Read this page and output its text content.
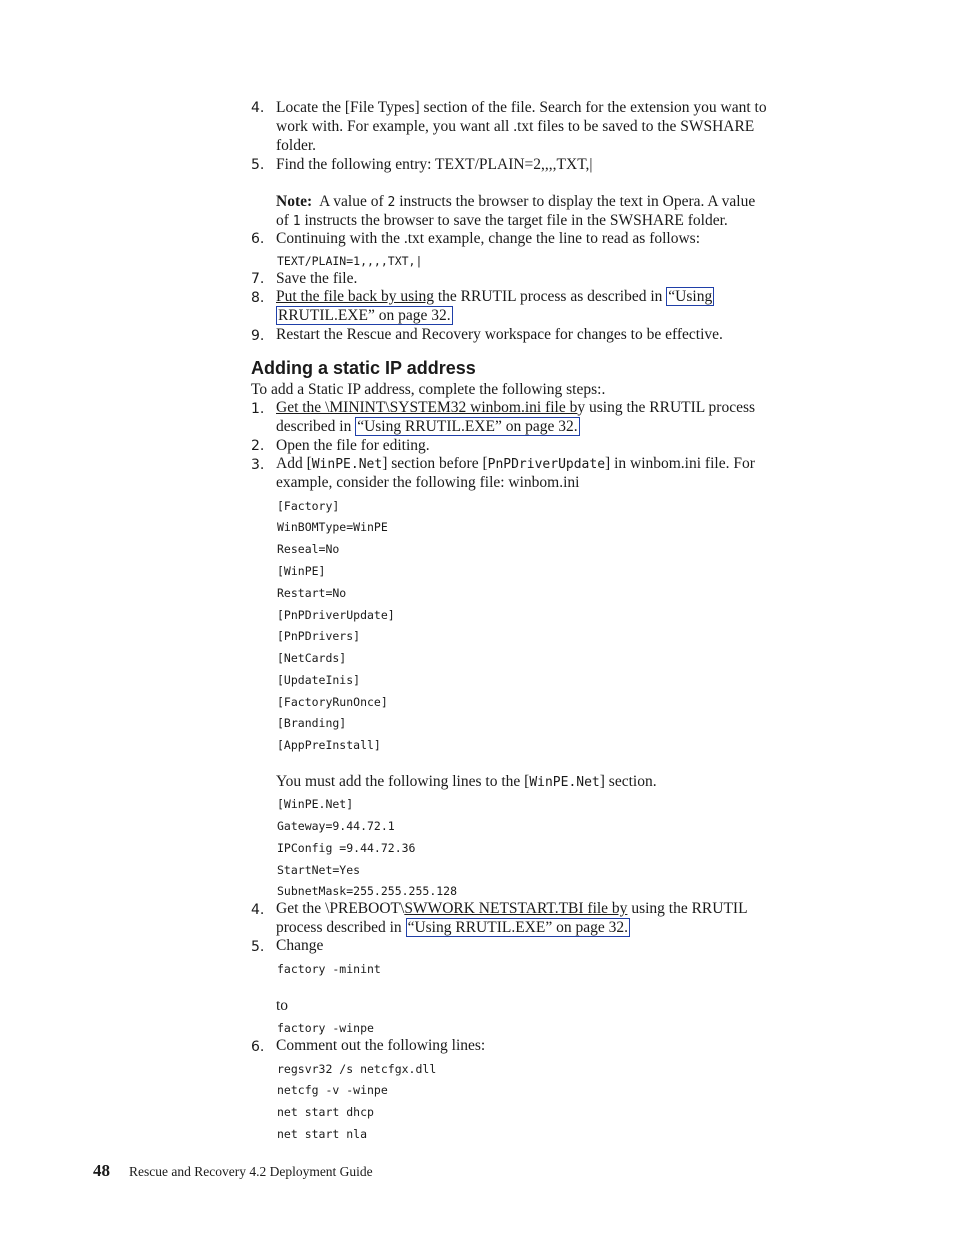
4. Locate the [File Types] section of the file. Search for the extension you want to
work with. For example, you want all .txt files to be saved to the SWSHARE
folder.
5. Find the following entry: TEXT/PLAIN=2,,,,TXT,|
Note: A value of 2 instructs the browser to display the text in Opera. A value
of 1 instructs the browser to save the target file in the SWSHARE folder.
6. Continuing with the .txt example, change the line to read as follows:
TEXT/PLAIN=1,,,,TXT,|
7. Save the file.
8. Put the file back by using the RRUTIL process as described in “Using
RRUTIL.EXE” on page 32.
9. Restart the Rescue and Recovery workspace for changes to be effective.
Adding a static IP address
To add a Static IP address, complete the following steps:.
1. Get the \MININT\SYSTEM32 winbom.ini file by using the RRUTIL process
described in “Using RRUTIL.EXE” on page 32.
2. Open the file for editing.
3. Add [WinPE.Net] section before [PnPDriverUpdate] in winbom.ini file. For
example, consider the following file: winbom.ini
[Factory]
WinBOMType=WinPE
Reseal=No
[WinPE]
Restart=No
[PnPDriverUpdate]
[PnPDrivers]
[NetCards]
[UpdateInis]
[FactoryRunOnce]
[Branding]
[AppPreInstall]
You must add the following lines to the [WinPE.Net] section.
[WinPE.Net]
Gateway=9.44.72.1
IPConfig =9.44.72.36
StartNet=Yes
SubnetMask=255.255.255.128
4. Get the \PREBOOT\SWWORK NETSTART.TBI file by using the RRUTIL
process described in “Using RRUTIL.EXE” on page 32.
5. Change
factory -minint
to
factory -winpe
6. Comment out the following lines:
regsvr32 /s netcfgx.dll
netcfg -v -winpe
net start dhcp
net start nla
48 Rescue and Recovery 4.2 Deployment Guide
